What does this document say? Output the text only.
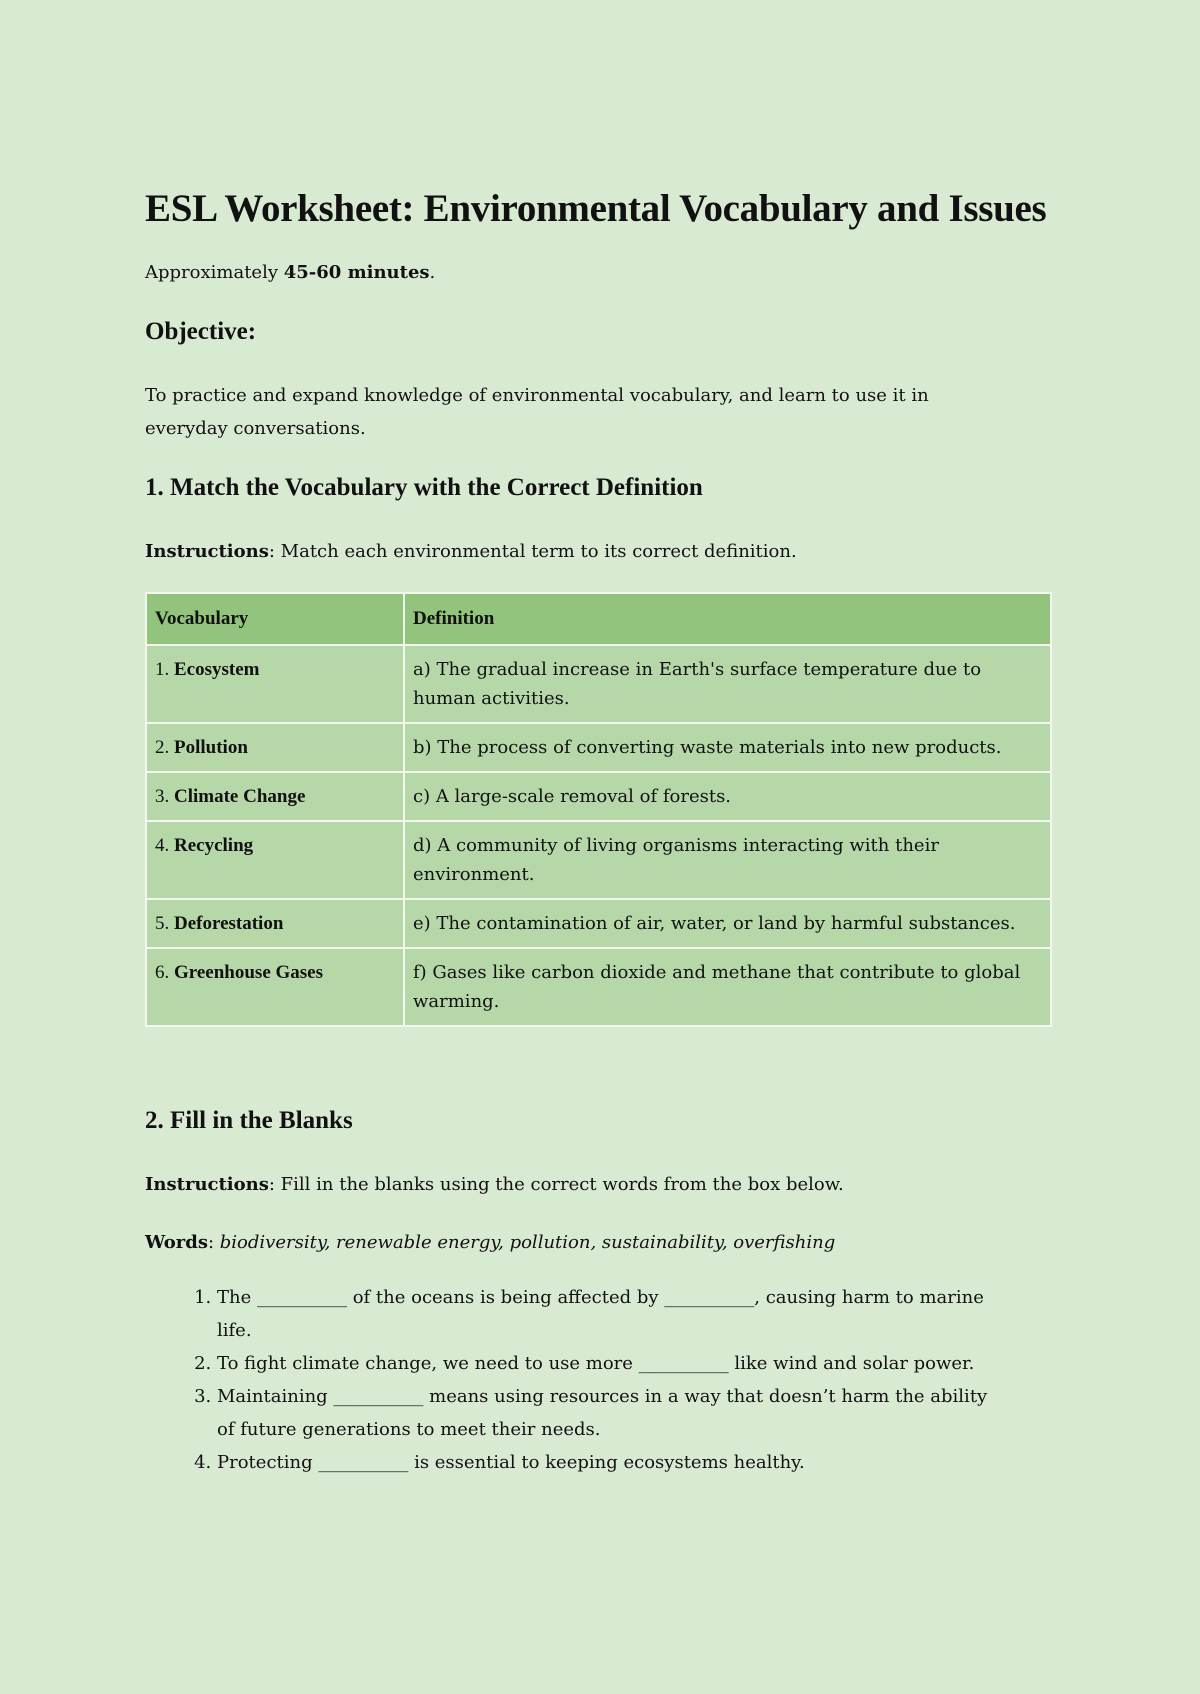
ESL Worksheet: Environmental Vocabulary and Issues

Approximately 45-60 minutes.

Objective:

To practice and expand knowledge of environmental vocabulary, and learn to use it in everyday conversations.

1. Match the Vocabulary with the Correct Definition

Instructions: Match each environmental term to its correct definition.

Vocabulary	Definition
1. Ecosystem	a) The gradual increase in Earth's surface temperature due to human activities.
2. Pollution	b) The process of converting waste materials into new products.
3. Climate Change	c) A large-scale removal of forests.
4. Recycling	d) A community of living organisms interacting with their environment.
5. Deforestation	e) The contamination of air, water, or land by harmful substances.
6. Greenhouse Gases	f) Gases like carbon dioxide and methane that contribute to global warming.
2. Fill in the Blanks

Instructions: Fill in the blanks using the correct words from the box below.

Words: biodiversity, renewable energy, pollution, sustainability, overfishing

1. The __________ of the oceans is being affected by __________, causing harm to marine life.
2. To fight climate change, we need to use more __________ like wind and solar power.
3. Maintaining __________ means using resources in a way that doesn’t harm the ability of future generations to meet their needs.
4. Protecting __________ is essential to keeping ecosystems healthy.
